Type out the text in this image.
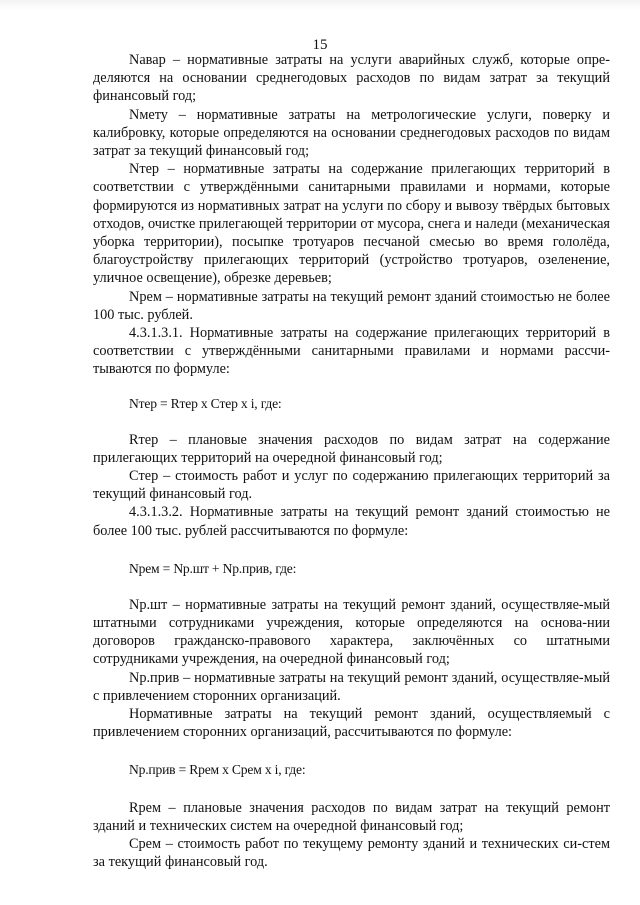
15

Nавар – нормативные затраты на услуги аварийных служб, которые опре-деляются на основании среднегодовых расходов по видам затрат за текущий финансовый год;

Nмету – нормативные затраты на метрологические услуги, поверку и калибровку, которые определяются на основании среднегодовых расходов по видам затрат за текущий финансовый год;

Nтер – нормативные затраты на содержание прилегающих территорий в соответствии с утверждёнными санитарными правилами и нормами, которые формируются из нормативных затрат на услуги по сбору и вывозу твёрдых бытовых отходов, очистке прилегающей территории от мусора, снега и наледи (механическая уборка территории), посыпке тротуаров песчаной смесью во время гололёда, благоустройству прилегающих территорий (устройство тротуаров, озеленение, уличное освещение), обрезке деревьев;

Nрем – нормативные затраты на текущий ремонт зданий стоимостью не более 100 тыс. рублей.

4.3.1.3.1. Нормативные затраты на содержание прилегающих территорий в соответствии с утверждёнными санитарными правилами и нормами рассчи-тываются по формуле:

Nтер = Rтер х Cтер х i, где:

Rтер – плановые значения расходов по видам затрат на содержание прилегающих территорий на очередной финансовый год;

Cтер – стоимость работ и услуг по содержанию прилегающих территорий за текущий финансовый год.

4.3.1.3.2. Нормативные затраты на текущий ремонт зданий стоимостью не более 100 тыс. рублей рассчитываются по формуле:

Nрем = Nр.шт + Nр.прив, где:

Nр.шт – нормативные затраты на текущий ремонт зданий, осуществляе-мый штатными сотрудниками учреждения, которые определяются на основа-нии договоров гражданско-правового характера, заключённых со штатными сотрудниками учреждения, на очередной финансовый год;

Nр.прив – нормативные затраты на текущий ремонт зданий, осуществляе-мый с привлечением сторонних организаций.

Нормативные затраты на текущий ремонт зданий, осуществляемый с привлечением сторонних организаций, рассчитываются по формуле:

Nр.прив = Rрем х Cрем х i, где:

Rрем – плановые значения расходов по видам затрат на текущий ремонт зданий и технических систем на очередной финансовый год;

Cрем – стоимость работ по текущему ремонту зданий и технических си-стем за текущий финансовый год.
